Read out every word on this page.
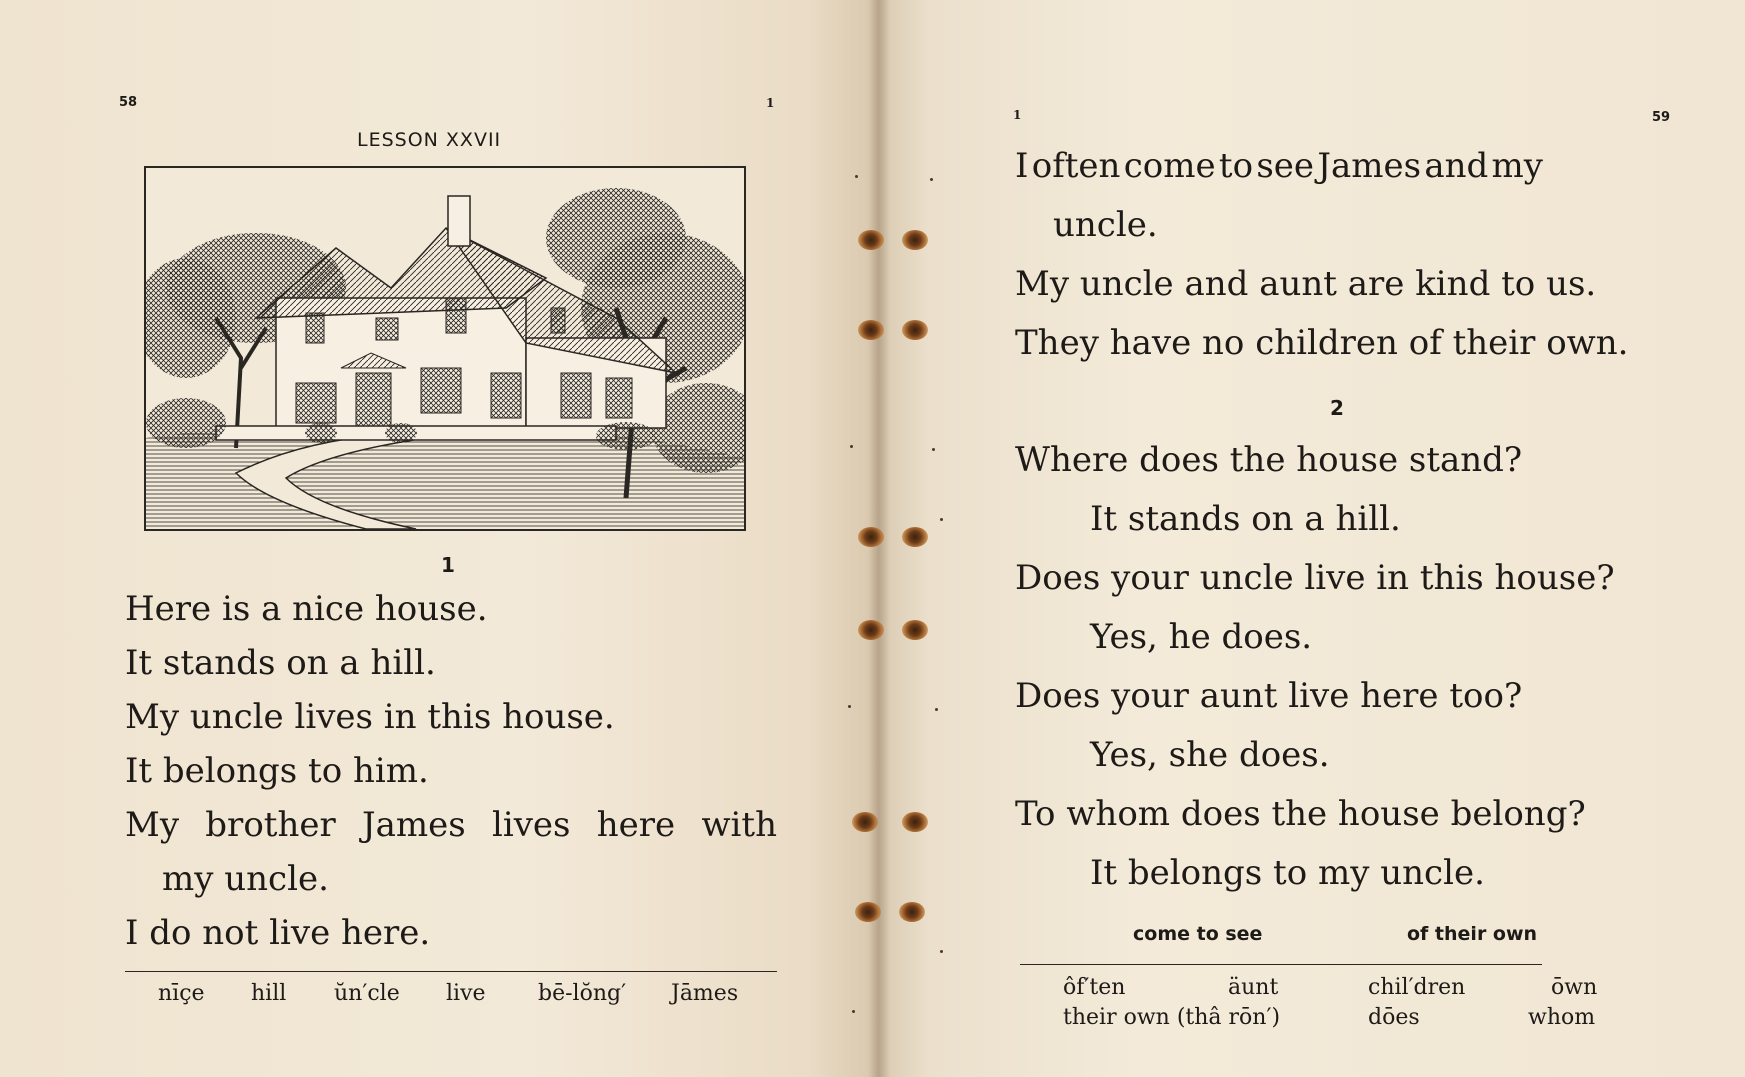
58	1
LESSON XXVII
1
Here is a nice house.
It stands on a hill.
My uncle lives in this house.
It belongs to him.
My brother James lives here with
my uncle.
I do not live here.
nīçe hill ŭn′cle live bē-lŏng′ Jāmes
1	59
I often come to see James and my
uncle.
My uncle and aunt are kind to us.
They have no children of their own.
2
Where does the house stand?
It stands on a hill.
Does your uncle live in this house?
Yes, he does.
Does your aunt live here too?
Yes, she does.
To whom does the house belong?
It belongs to my uncle.
come to see	of their own
ôf′ten	äunt	chil′dren	ōwn
their own (thâ rōn′)	dōes	whom
